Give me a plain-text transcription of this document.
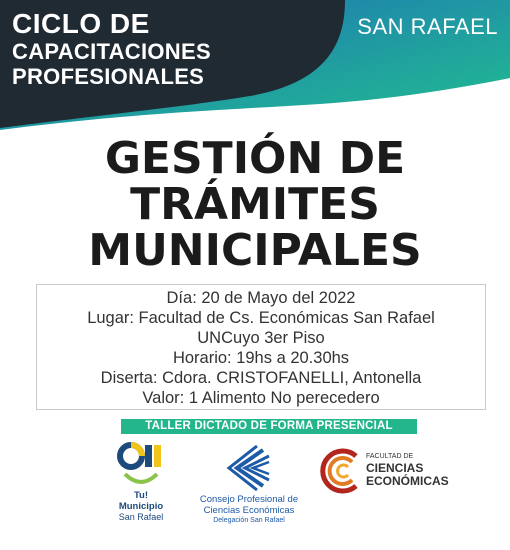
CICLO DE
CAPACITACIONES
PROFESIONALES
SAN RAFAEL
GESTIÓN DE
TRÁMITES
MUNICIPALES
Día: 20 de Mayo del 2022
Lugar: Facultad de Cs. Económicas San Rafael
UNCuyo 3er Piso
Horario: 19hs a 20.30hs
Diserta: Cdora. CRISTOFANELLI, Antonella
Valor: 1 Alimento No perecedero
TALLER DICTADO DE FORMA PRESENCIAL
Tu!
Municipio
San Rafael
Consejo Profesional de
Ciencias Económicas
Delegación San Rafael
FACULTAD DE
CIENCIAS
ECONÓMICAS
